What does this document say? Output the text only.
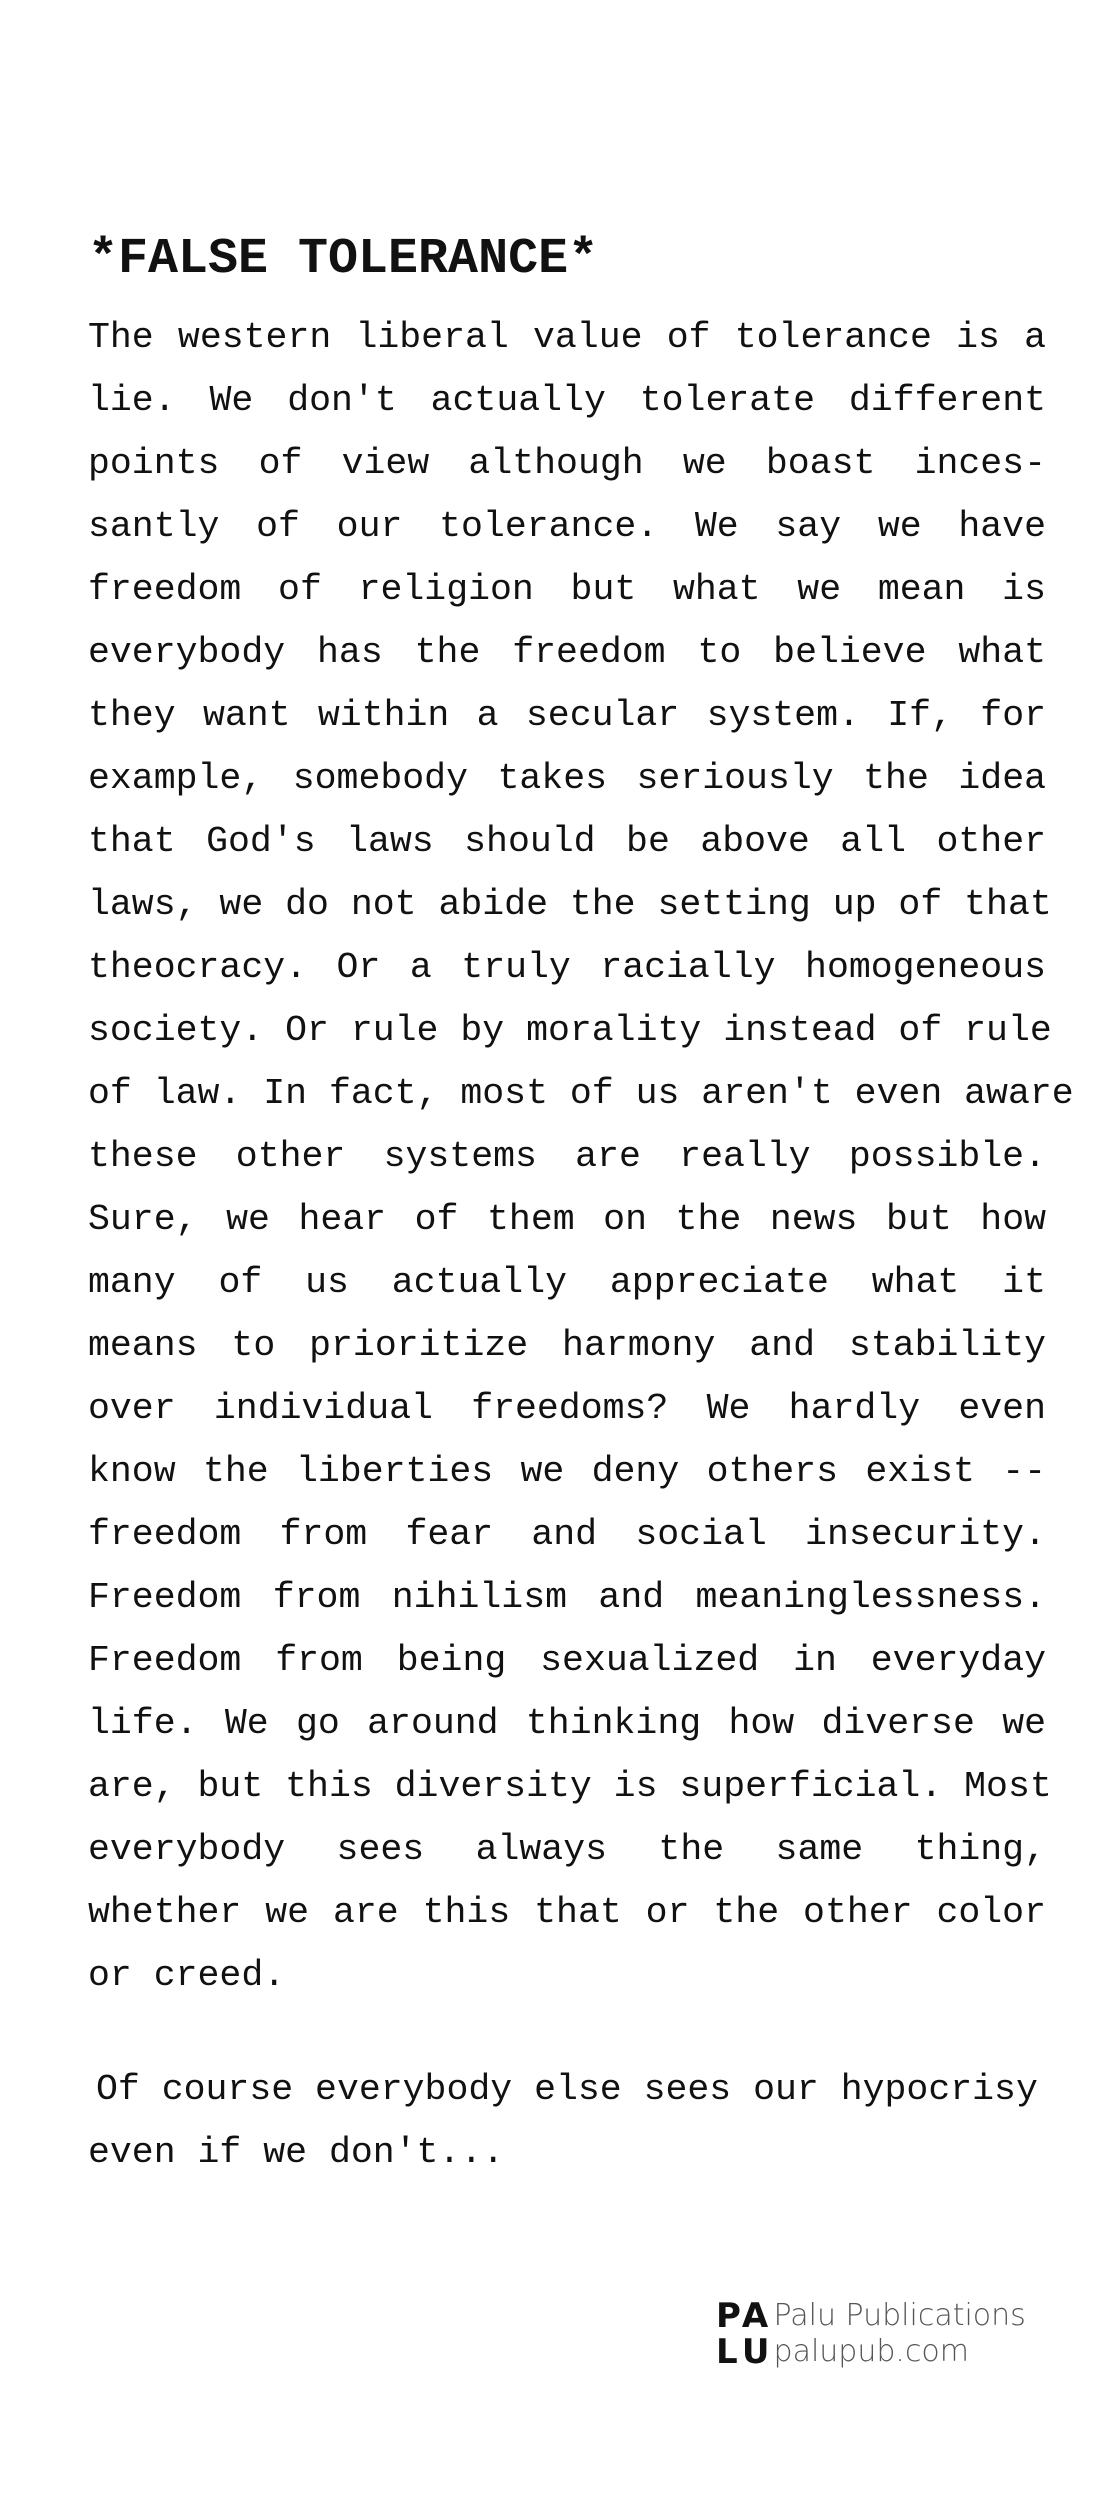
*FALSE TOLERANCE*

The western liberal value of tolerance is a
lie. We don't actually tolerate different
points of view although we boast inces-
santly of our tolerance. We say we have
freedom of religion but what we mean is
everybody has the freedom to believe what
they want within a secular system. If, for
example, somebody takes seriously the idea
that God's laws should be above all other
laws, we do not abide the setting up of that
theocracy. Or a truly racially homogeneous
society. Or rule by morality instead of rule
of law. In fact, most of us aren't even aware
these other systems are really possible.
Sure, we hear of them on the news but how
many of us actually appreciate what it
means to prioritize harmony and stability
over individual freedoms? We hardly even
know the liberties we deny others exist --
freedom from fear and social insecurity.
Freedom from nihilism and meaninglessness.
Freedom from being sexualized in everyday
life. We go around thinking how diverse we
are, but this diversity is superficial. Most
everybody sees always the same thing,
whether we are this that or the other color
or creed.

Of course everybody else sees our hypocrisy
even if we don't...

P A
L U
Palu Publications
palupub.com
